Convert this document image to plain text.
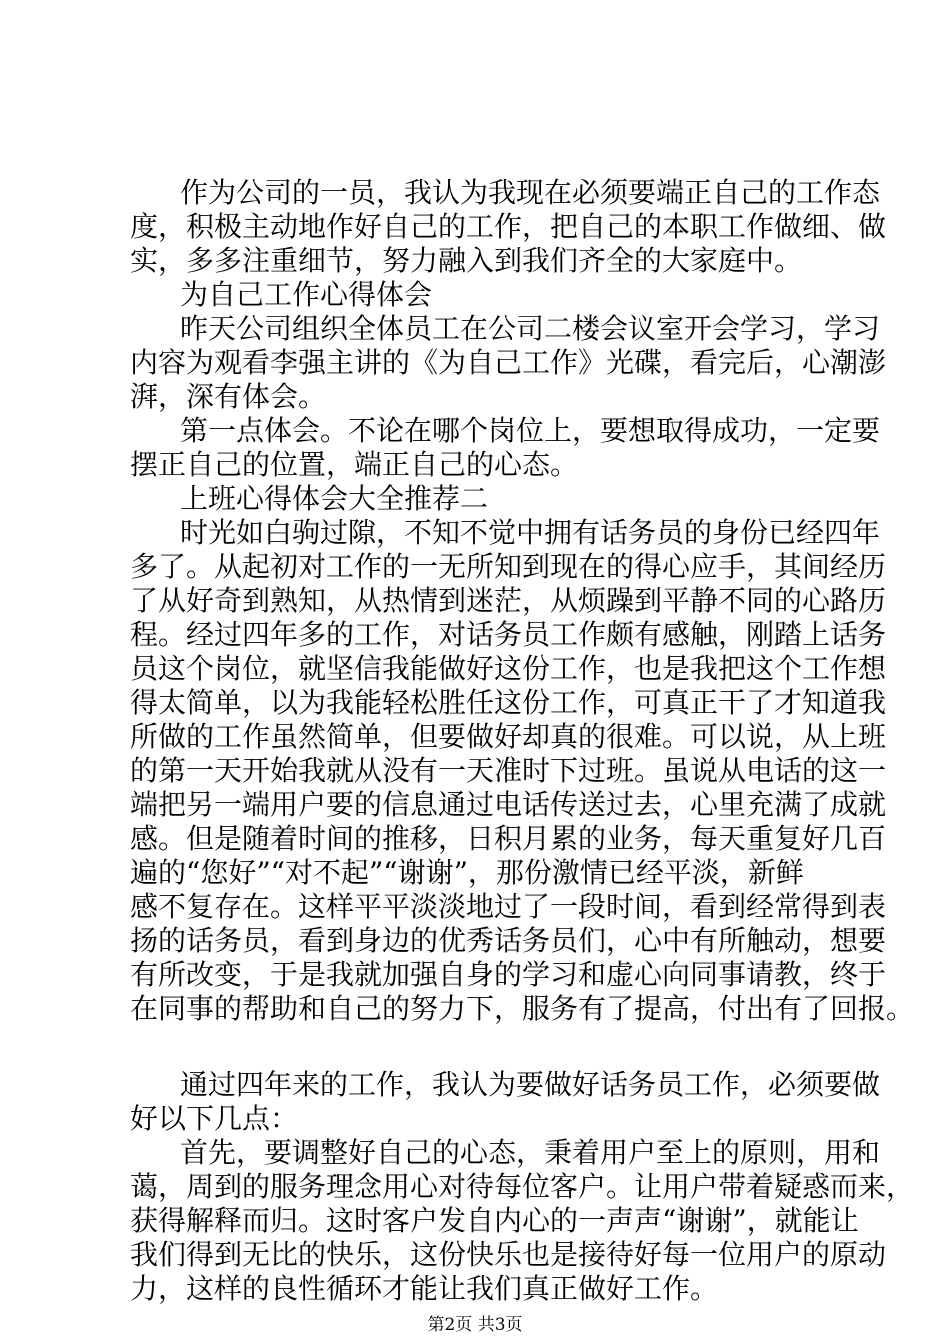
作为公司的一员，我认为我现在必须要端正自己的工作态

度，积极主动地作好自己的工作，把自己的本职工作做细、做

实，多多注重细节，努力融入到我们齐全的大家庭中。

为自己工作心得体会

昨天公司组织全体员工在公司二楼会议室开会学习，学习

内容为观看李强主讲的《为自己工作》光碟，看完后，心潮澎

湃，深有体会。

第一点体会。不论在哪个岗位上，要想取得成功，一定要

摆正自己的位置，端正自己的心态。

上班心得体会大全推荐二

时光如白驹过隙，不知不觉中拥有话务员的身份已经四年

多了。从起初对工作的一无所知到现在的得心应手，其间经历

了从好奇到熟知，从热情到迷茫，从烦躁到平静不同的心路历

程。经过四年多的工作，对话务员工作颇有感触，刚踏上话务

员这个岗位，就坚信我能做好这份工作，也是我把这个工作想

得太简单，以为我能轻松胜任这份工作，可真正干了才知道我

所做的工作虽然简单，但要做好却真的很难。可以说，从上班

的第一天开始我就从没有一天准时下过班。虽说从电话的这一

端把另一端用户要的信息通过电话传送过去，心里充满了成就

感。但是随着时间的推移，日积月累的业务，每天重复好几百

遍的“您好”“对不起”“谢谢”，那份激情已经平淡，新鲜

感不复存在。这样平平淡淡地过了一段时间，看到经常得到表

扬的话务员，看到身边的优秀话务员们，心中有所触动，想要

有所改变，于是我就加强自身的学习和虚心向同事请教，终于

在同事的帮助和自己的努力下，服务有了提高，付出有了回报。

通过四年来的工作，我认为要做好话务员工作，必须要做

好以下几点：

首先，要调整好自己的心态，秉着用户至上的原则，用和

蔼，周到的服务理念用心对待每位客户。让用户带着疑惑而来，

获得解释而归。这时客户发自内心的一声声“谢谢”，就能让

我们得到无比的快乐，这份快乐也是接待好每一位用户的原动

力，这样的良性循环才能让我们真正做好工作。

第2页 共3页
